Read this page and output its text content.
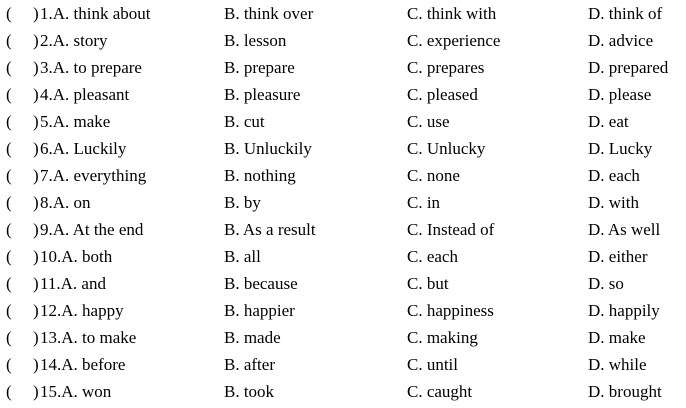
( ) 1.A. think about	B. think over	C. think with	D. think of
( ) 2.A. story	B. lesson	C. experience	D. advice
( ) 3.A. to prepare	B. prepare	C. prepares	D. prepared
( ) 4.A. pleasant	B. pleasure	C. pleased	D. please
( ) 5.A. make	B. cut	C. use	D. eat
( ) 6.A. Luckily	B. Unluckily	C. Unlucky	D. Lucky
( ) 7.A. everything	B. nothing	C. none	D. each
( ) 8.A. on	B. by	C. in	D. with
( ) 9.A. At the end	B. As a result	C. Instead of	D. As well
( ) 10.A. both	B. all	C. each	D. either
( ) 11.A. and	B. because	C. but	D. so
( ) 12.A. happy	B. happier	C. happiness	D. happily
( ) 13.A. to make	B. made	C. making	D. make
( ) 14.A. before	B. after	C. until	D. while
( ) 15.A. won	B. took	C. caught	D. brought
